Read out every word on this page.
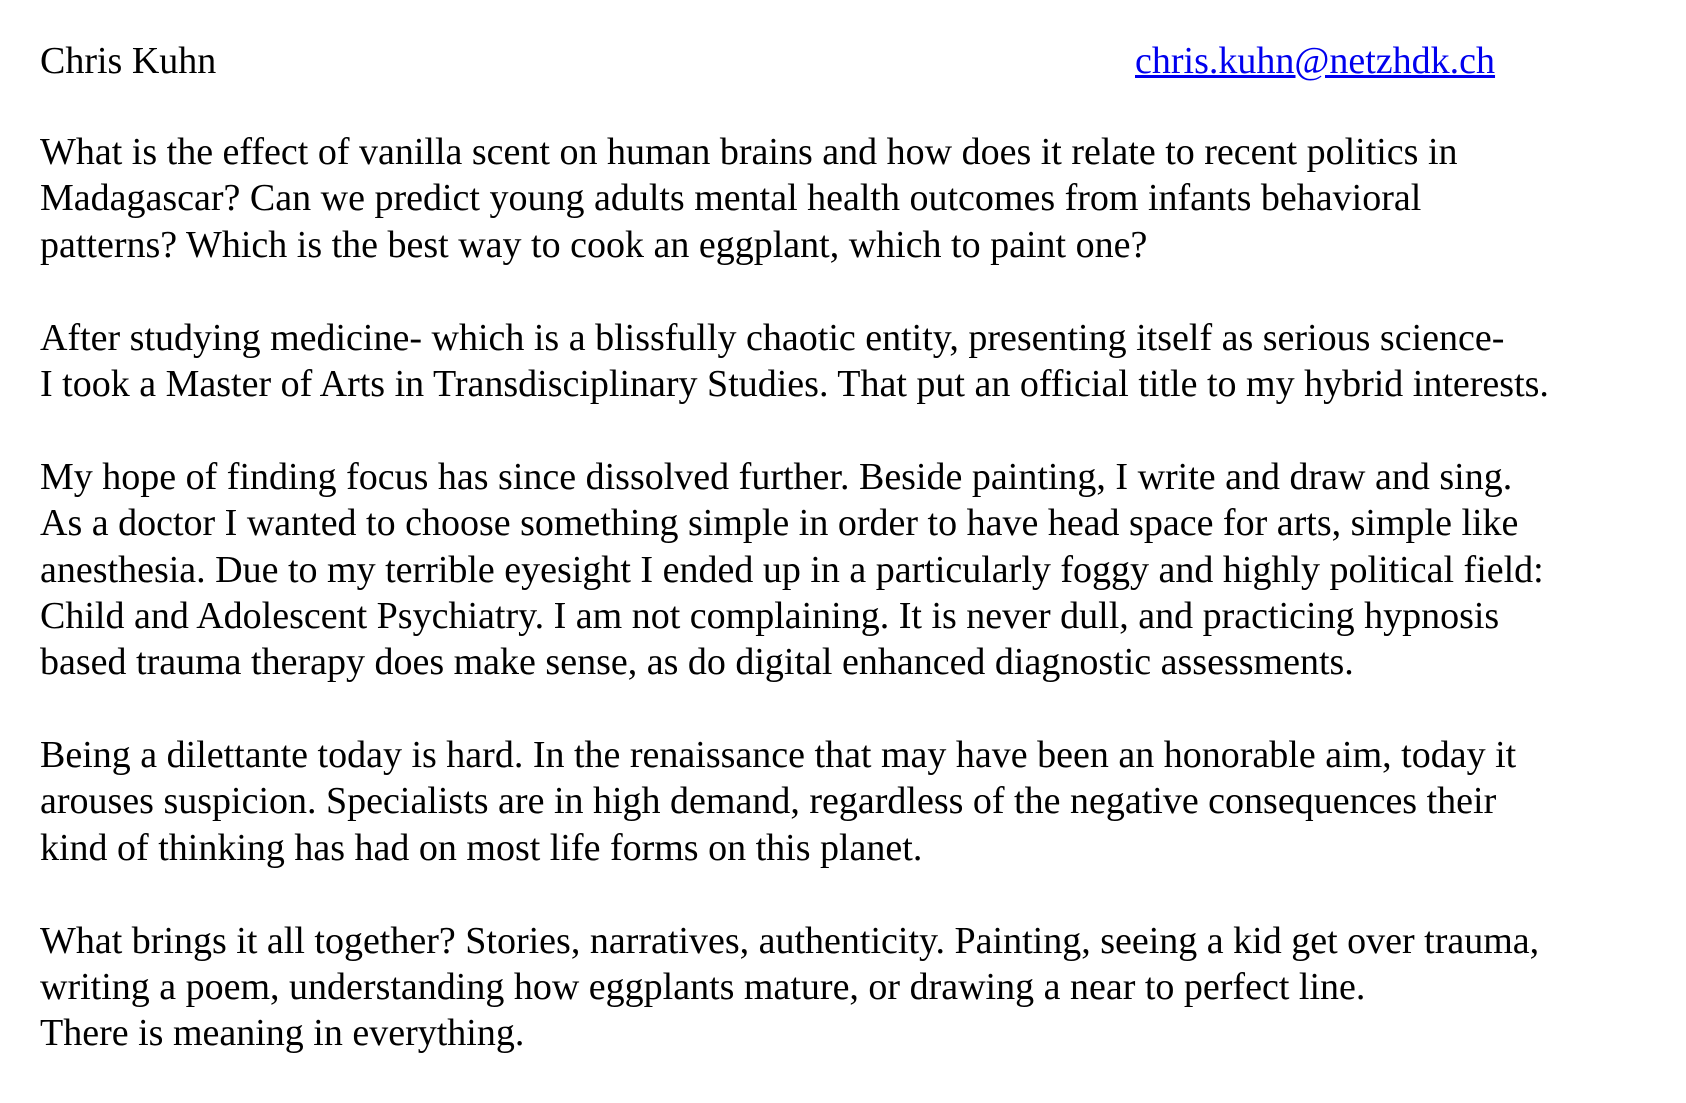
Chris Kuhn	chris.kuhn@netzhdk.ch

What is the effect of vanilla scent on human brains and how does it relate to recent politics in
Madagascar? Can we predict young adults mental health outcomes from infants behavioral
patterns? Which is the best way to cook an eggplant, which to paint one?

After studying medicine- which is a blissfully chaotic entity, presenting itself as serious science-
I took a Master of Arts in Transdisciplinary Studies. That put an official title to my hybrid interests.

My hope of finding focus has since dissolved further. Beside painting, I write and draw and sing.
As a doctor I wanted to choose something simple in order to have head space for arts, simple like
anesthesia. Due to my terrible eyesight I ended up in a particularly foggy and highly political field:
Child and Adolescent Psychiatry. I am not complaining. It is never dull, and practicing hypnosis
based trauma therapy does make sense, as do digital enhanced diagnostic assessments.

Being a dilettante today is hard. In the renaissance that may have been an honorable aim, today it
arouses suspicion. Specialists are in high demand, regardless of the negative consequences their
kind of thinking has had on most life forms on this planet.

What brings it all together? Stories, narratives, authenticity. Painting, seeing a kid get over trauma,
writing a poem, understanding how eggplants mature, or drawing a near to perfect line.
There is meaning in everything.
